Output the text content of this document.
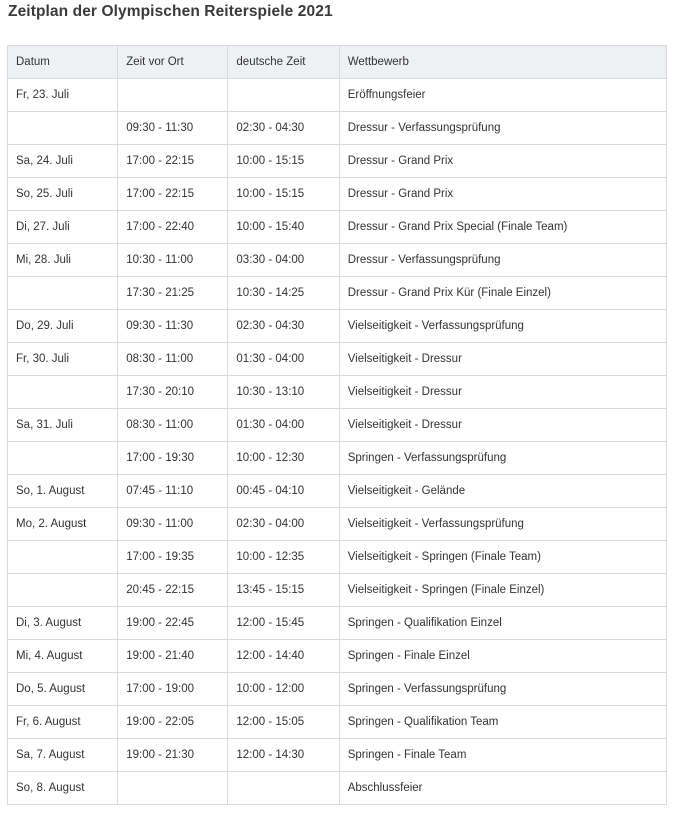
Zeitplan der Olympischen Reiterspiele 2021
Datum	Zeit vor Ort	deutsche Zeit	Wettbewerb
Fr, 23. Juli			Eröffnungsfeier
	09:30 - 11:30	02:30 - 04:30	Dressur - Verfassungsprüfung
Sa, 24. Juli	17:00 - 22:15	10:00 - 15:15	Dressur - Grand Prix
So, 25. Juli	17:00 - 22:15	10:00 - 15:15	Dressur - Grand Prix
Di, 27. Juli	17:00 - 22:40	10:00 - 15:40	Dressur - Grand Prix Special (Finale Team)
Mi, 28. Juli	10:30 - 11:00	03:30 - 04:00	Dressur - Verfassungsprüfung
	17:30 - 21:25	10:30 - 14:25	Dressur - Grand Prix Kür (Finale Einzel)
Do, 29. Juli	09:30 - 11:30	02:30 - 04:30	Vielseitigkeit - Verfassungsprüfung
Fr, 30. Juli	08:30 - 11:00	01:30 - 04:00	Vielseitigkeit - Dressur
	17:30 - 20:10	10:30 - 13:10	Vielseitigkeit - Dressur
Sa, 31. Juli	08:30 - 11:00	01:30 - 04:00	Vielseitigkeit - Dressur
	17:00 - 19:30	10:00 - 12:30	Springen - Verfassungsprüfung
So, 1. August	07:45 - 11:10	00:45 - 04:10	Vielseitigkeit - Gelände
Mo, 2. August	09:30 - 11:00	02:30 - 04:00	Vielseitigkeit - Verfassungsprüfung
	17:00 - 19:35	10:00 - 12:35	Vielseitigkeit - Springen (Finale Team)
	20:45 - 22:15	13:45 - 15:15	Vielseitigkeit - Springen (Finale Einzel)
Di, 3. August	19:00 - 22:45	12:00 - 15:45	Springen - Qualifikation Einzel
Mi, 4. August	19:00 - 21:40	12:00 - 14:40	Springen - Finale Einzel
Do, 5. August	17:00 - 19:00	10:00 - 12:00	Springen - Verfassungsprüfung
Fr, 6. August	19:00 - 22:05	12:00 - 15:05	Springen - Qualifikation Team
Sa, 7. August	19:00 - 21:30	12:00 - 14:30	Springen - Finale Team
So, 8. August			Abschlussfeier
